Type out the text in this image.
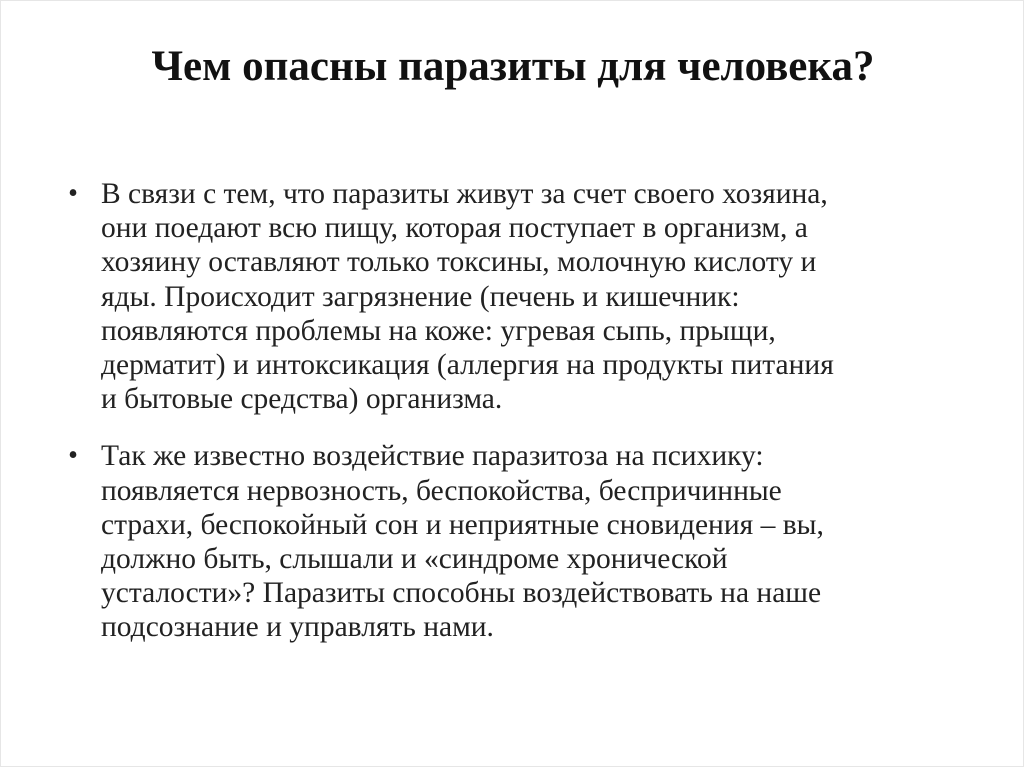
Чем опасны паразиты для человека?
• В связи с тем, что паразиты живут за счет своего хозяина,
они поедают всю пищу, которая поступает в организм, а
хозяину оставляют только токсины, молочную кислоту и
яды. Происходит загрязнение (печень и кишечник:
появляются проблемы на коже: угревая сыпь, прыщи,
дерматит) и интоксикация (аллергия на продукты питания
и бытовые средства) организма.
• Так же известно воздействие паразитоза на психику:
появляется нервозность, беспокойства, беспричинные
страхи, беспокойный сон и неприятные сновидения – вы,
должно быть, слышали и «синдроме хронической
усталости»? Паразиты способны воздействовать на наше
подсознание и управлять нами.
